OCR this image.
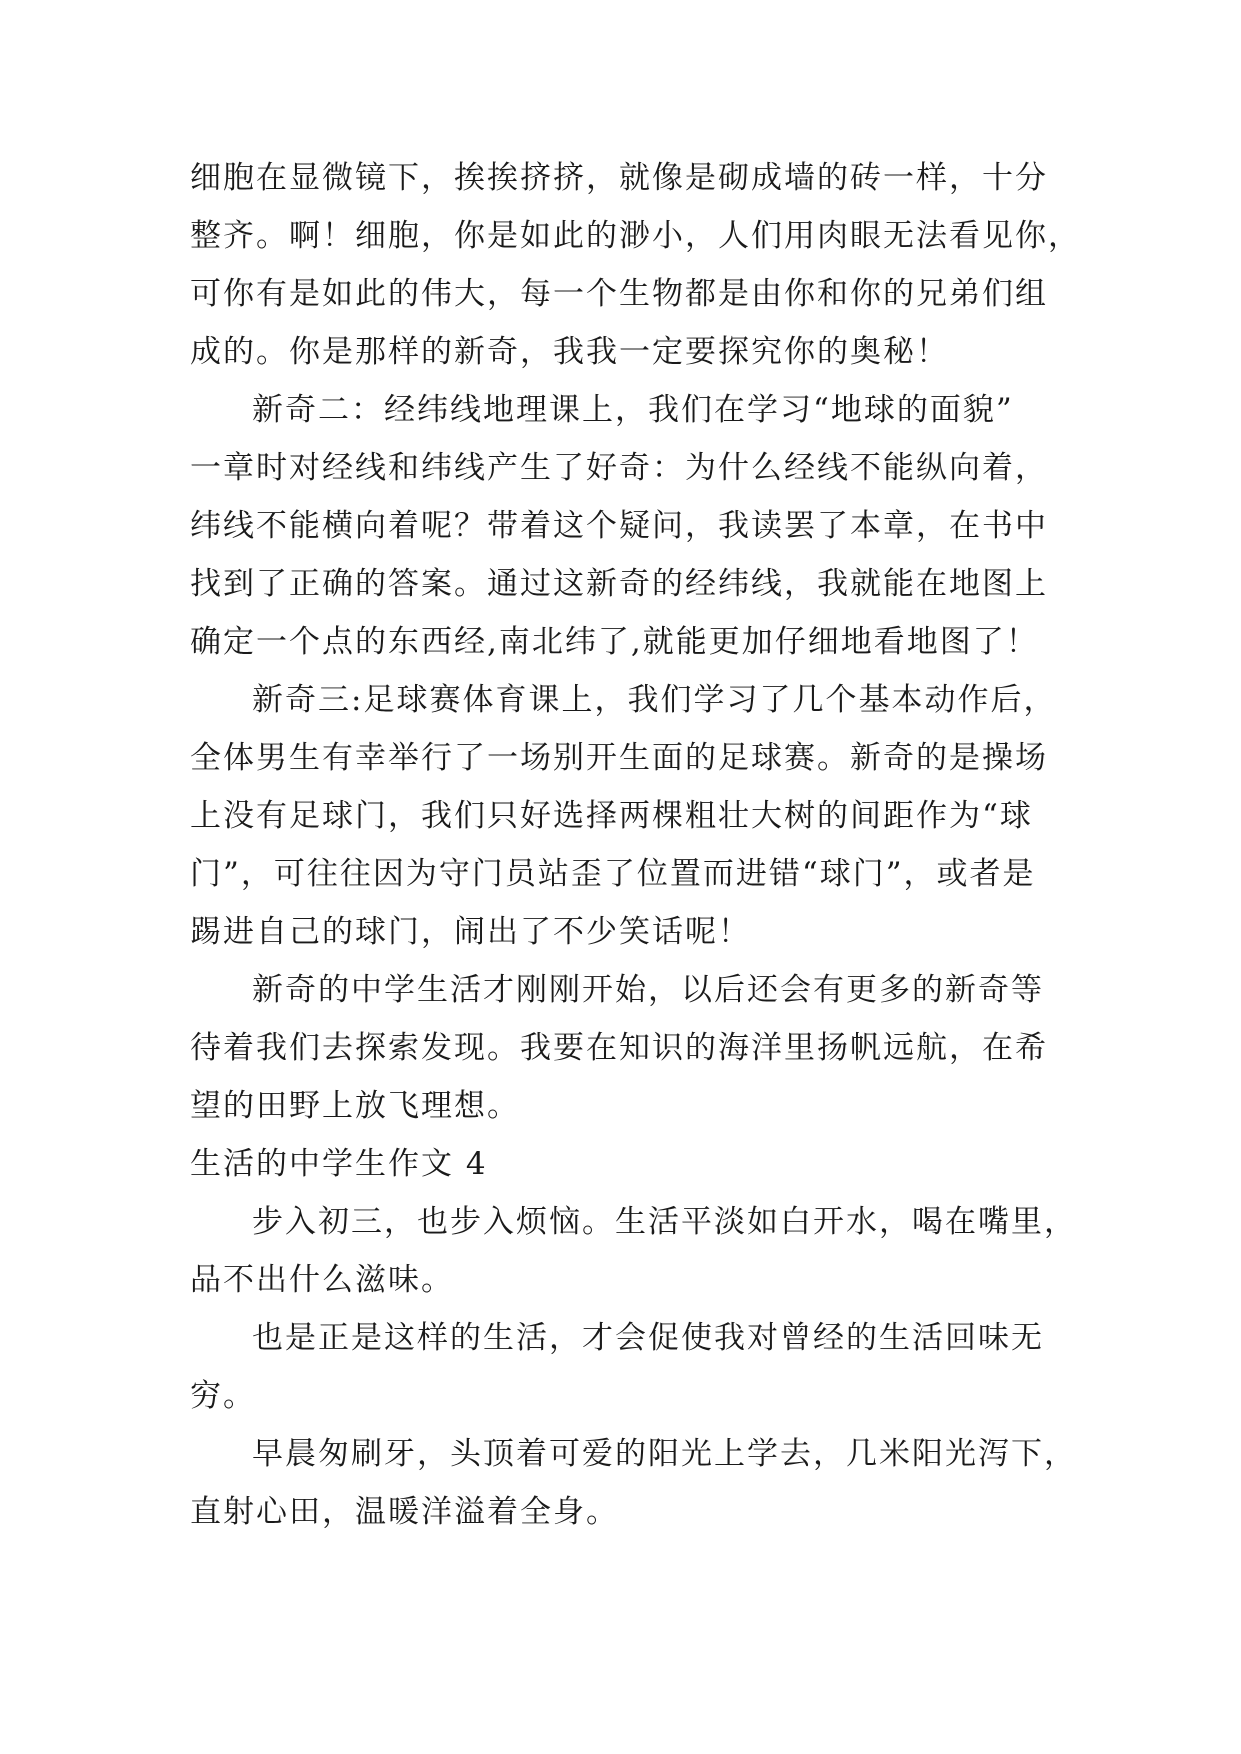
细胞在显微镜下，挨挨挤挤，就像是砌成墙的砖一样，十分
整齐。啊！细胞，你是如此的渺小，人们用肉眼无法看见你，
可你有是如此的伟大，每一个生物都是由你和你的兄弟们组
成的。你是那样的新奇，我我一定要探究你的奥秘！
新奇二：经纬线地理课上，我们在学习“地球的面貌”
一章时对经线和纬线产生了好奇：为什么经线不能纵向着，
纬线不能横向着呢？带着这个疑问，我读罢了本章，在书中
找到了正确的答案。通过这新奇的经纬线，我就能在地图上
确定一个点的东西经,南北纬了,就能更加仔细地看地图了！
新奇三:足球赛体育课上，我们学习了几个基本动作后，
全体男生有幸举行了一场别开生面的足球赛。新奇的是操场
上没有足球门，我们只好选择两棵粗壮大树的间距作为“球
门”，可往往因为守门员站歪了位置而进错“球门”，或者是
踢进自己的球门，闹出了不少笑话呢！
新奇的中学生活才刚刚开始，以后还会有更多的新奇等
待着我们去探索发现。我要在知识的海洋里扬帆远航，在希
望的田野上放飞理想。
生活的中学生作文 4
步入初三，也步入烦恼。生活平淡如白开水，喝在嘴里，
品不出什么滋味。
也是正是这样的生活，才会促使我对曾经的生活回味无
穷。
早晨匆刷牙，头顶着可爱的阳光上学去，几米阳光泻下，
直射心田，温暖洋溢着全身。
